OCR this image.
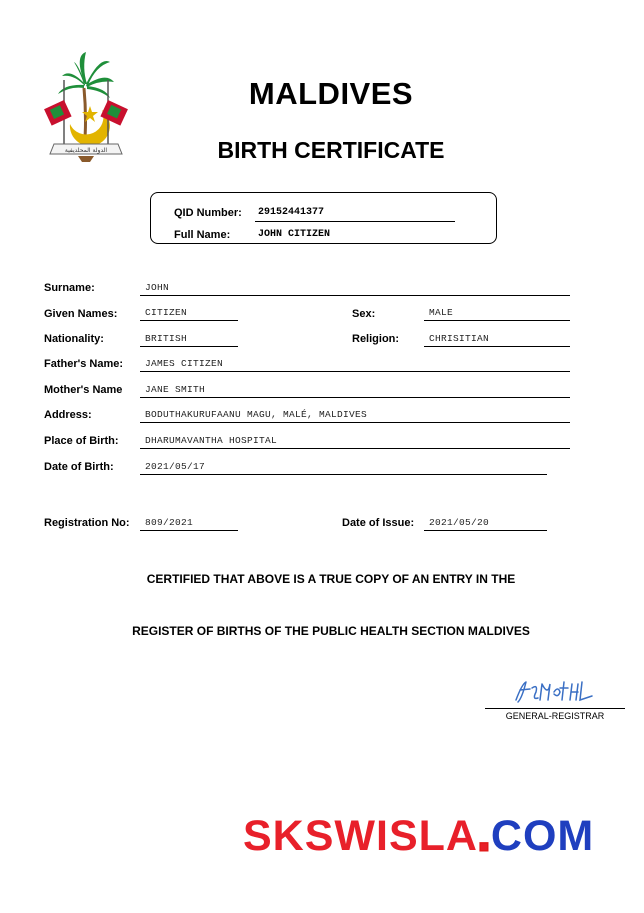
الدولة المحلديفية
MALDIVES
BIRTH CERTIFICATE
QID Number:	29152441377
Full Name:	JOHN CITIZEN
Surname:	JOHN
Given Names:	CITIZEN	Sex:	MALE
Nationality:	BRITISH	Religion:	CHRISITIAN
Father's Name:	JAMES CITIZEN
Mother's Name	JANE SMITH
Address:	BODUTHAKURUFAANU MAGU, MALÉ, MALDIVES
Place of Birth:	DHARUMAVANTHA HOSPITAL
Date of Birth:	2021/05/17
Registration No:	809/2021	Date of Issue:	2021/05/20
CERTIFIED THAT ABOVE IS A TRUE COPY OF AN ENTRY IN THE
REGISTER OF BIRTHS OF THE PUBLIC HEALTH SECTION MALDIVES
GENERAL-REGISTRAR
SKSWISLA.COM
